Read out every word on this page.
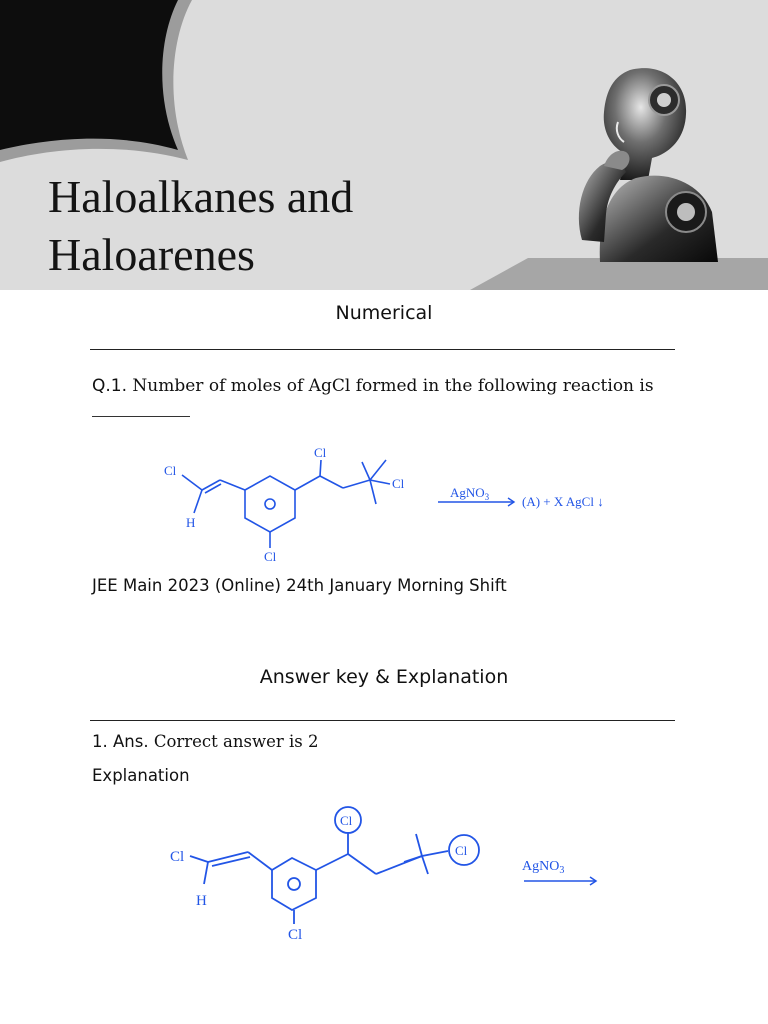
Haloalkanes and
Haloarenes
Numerical
Q.1. Number of moles of AgCl formed in the following reaction is
Cl
H
Cl
Cl
Cl
AgNO$_3$	(A) + X AgCl ↓
JEE Main 2023 (Online) 24th January Morning Shift
Answer key & Explanation
1. Ans. Correct answer is 2
Explanation
Cl
H
Cl
Cl
Cl
AgNO$_3$
